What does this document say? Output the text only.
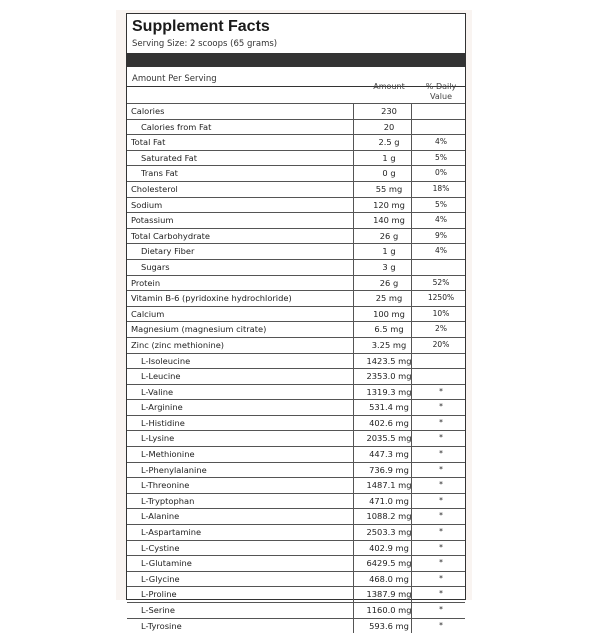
Supplement Facts
Serving Size: 2 scoops (65 grams)
Amount Per Serving
Amount	% Daily
Value
Calories	230
Calories from Fat	20
Total Fat	2.5 g	4%
Saturated Fat	1 g	5%
Trans Fat	0 g	0%
Cholesterol	55 mg	18%
Sodium	120 mg	5%
Potassium	140 mg	4%
Total Carbohydrate	26 g	9%
Dietary Fiber	1 g	4%
Sugars	3 g
Protein	26 g	52%
Vitamin B-6 (pyridoxine hydrochloride)	25 mg	1250%
Calcium	100 mg	10%
Magnesium (magnesium citrate)	6.5 mg	2%
Zinc (zinc methionine)	3.25 mg	20%
L-Isoleucine	1423.5 mg
L-Leucine	2353.0 mg
L-Valine	1319.3 mg	*
L-Arginine	531.4 mg	*
L-Histidine	402.6 mg	*
L-Lysine	2035.5 mg	*
L-Methionine	447.3 mg	*
L-Phenylalanine	736.9 mg	*
L-Threonine	1487.1 mg	*
L-Tryptophan	471.0 mg	*
L-Alanine	1088.2 mg	*
L-Aspartamine	2503.3 mg	*
L-Cystine	402.9 mg	*
L-Glutamine	6429.5 mg	*
L-Glycine	468.0 mg	*
L-Proline	1387.9 mg	*
L-Serine	1160.0 mg	*
L-Tyrosine	593.6 mg	*
